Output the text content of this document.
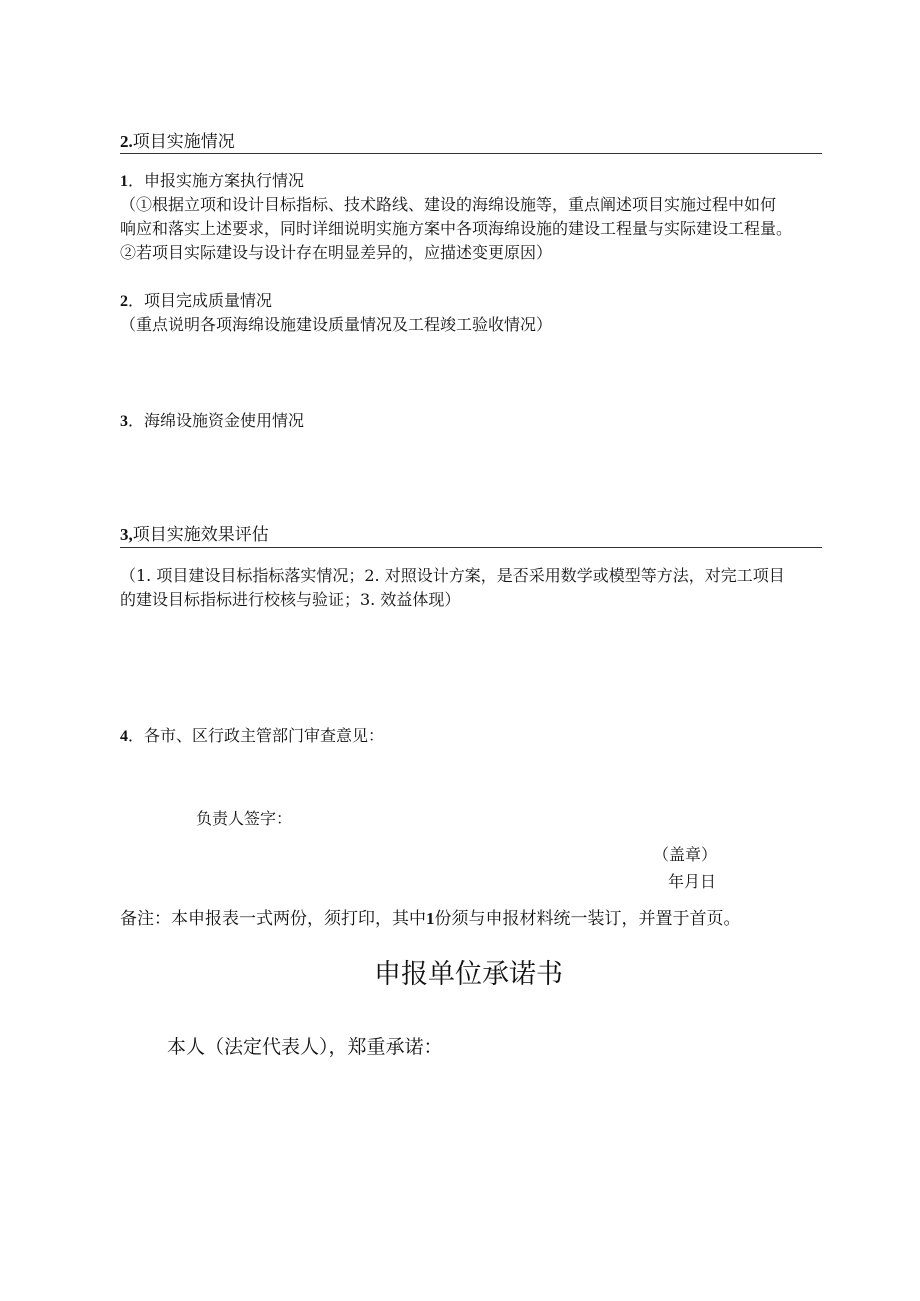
2.项目实施情况
1．申报实施方案执行情况
（①根据立项和设计目标指标、技术路线、建设的海绵设施等，重点阐述项目实施过程中如何
响应和落实上述要求，同时详细说明实施方案中各项海绵设施的建设工程量与实际建设工程量。
②若项目实际建设与设计存在明显差异的，应描述变更原因）
2．项目完成质量情况
（重点说明各项海绵设施建设质量情况及工程竣工验收情况）
3．海绵设施资金使用情况
3,项目实施效果评估
（1. 项目建设目标指标落实情况；2. 对照设计方案，是否采用数学或模型等方法，对完工项目
的建设目标指标进行校核与验证；3. 效益体现）
4．各市、区行政主管部门审查意见：
负责人签字：
（盖章）
年月日
备注：本申报表一式两份，须打印，其中1份须与申报材料统一装订，并置于首页。
申报单位承诺书
本人（法定代表人），郑重承诺：
